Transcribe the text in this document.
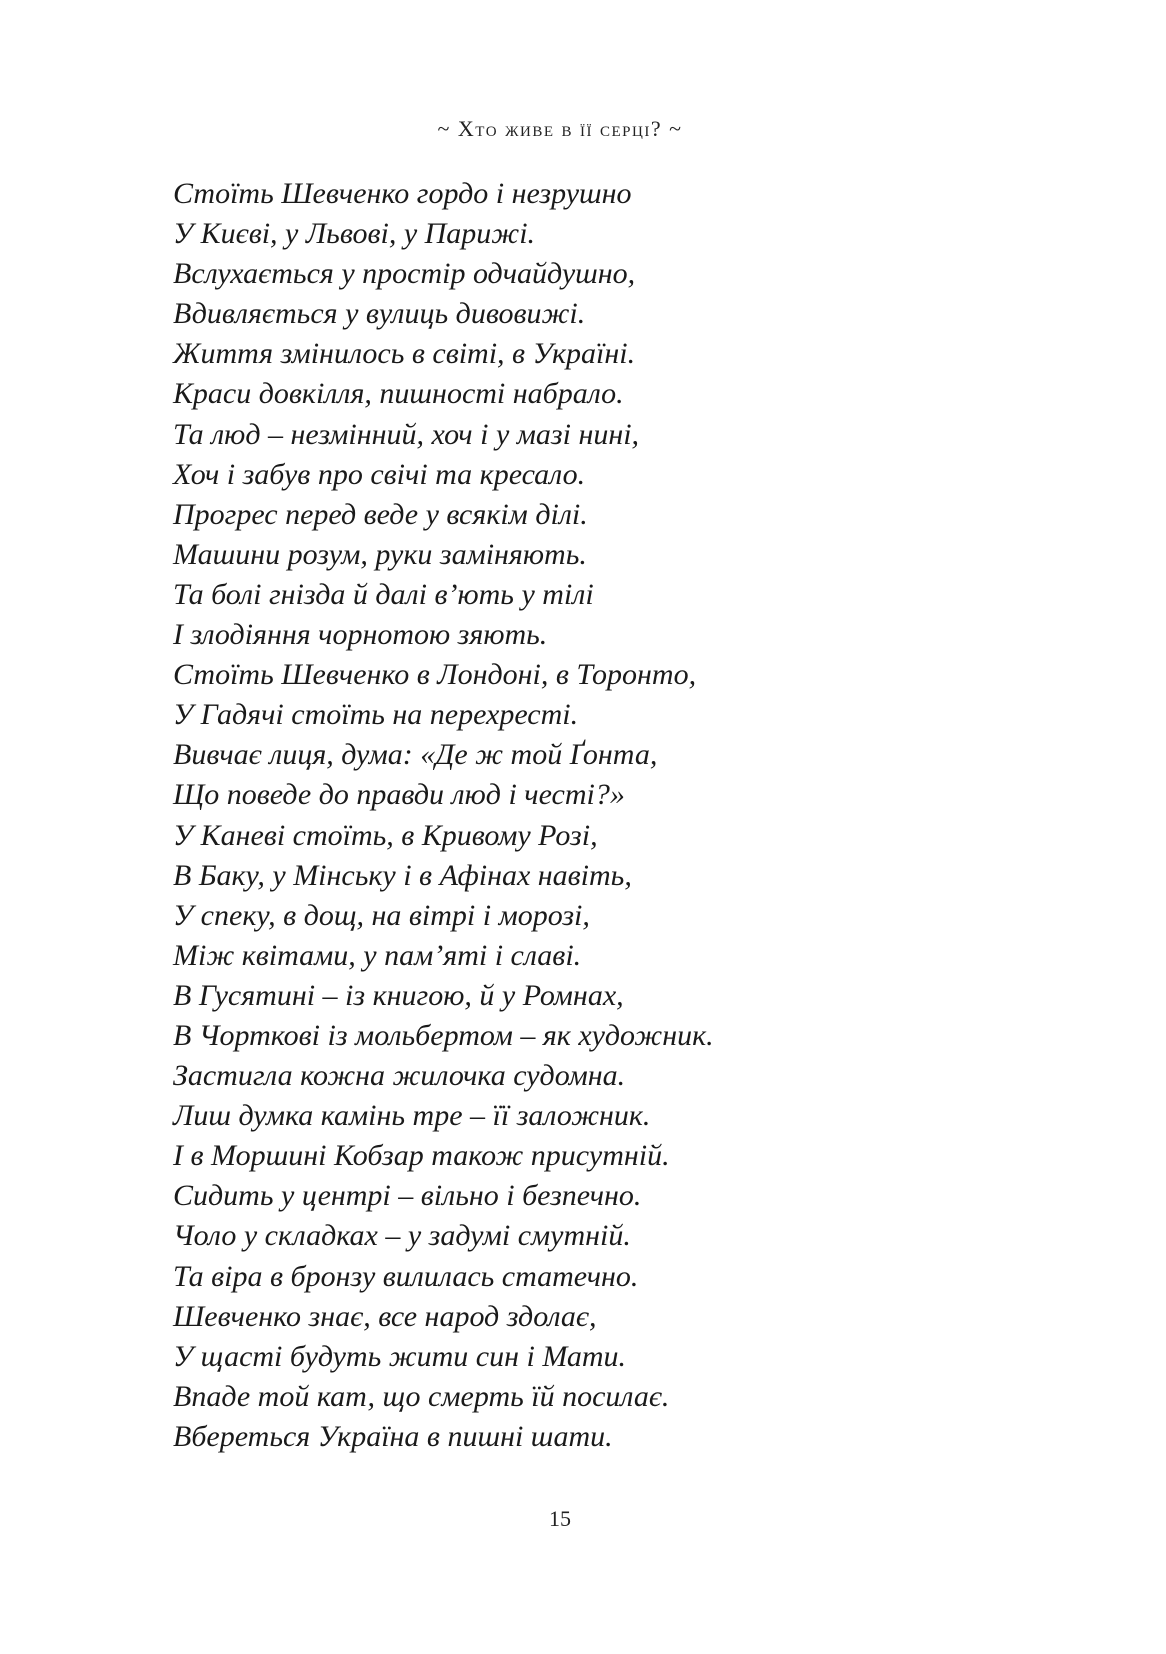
~ Хто живе в її серці? ~
Стоїть Шевченко гордо і незрушно
У Києві, у Львові, у Парижі.
Вслухається у простір одчайдушно,
Вдивляється у вулиць дивовижі.
Життя змінилось в світі, в Україні.
Краси довкілля, пишності набрало.
Та люд – незмінний, хоч і у мазі нині,
Хоч і забув про свічі та кресало.
Прогрес перед веде у всякім ділі.
Машини розум, руки заміняють.
Та болі гнізда й далі в’ють у тілі
І злодіяння чорнотою зяють.
Стоїть Шевченко в Лондоні, в Торонто,
У Гадячі стоїть на перехресті.
Вивчає лиця, дума: «Де ж той Ґонта,
Що поведе до правди люд і честі?»
У Каневі стоїть, в Кривому Розі,
В Баку, у Мінську і в Афінах навіть,
У спеку, в дощ, на вітрі і морозі,
Між квітами, у пам’яті і славі.
В Гусятині – із книгою, й у Ромнах,
В Чорткові із мольбертом – як художник.
Застигла кожна жилочка судомна.
Лиш думка камінь тре – її заложник.
І в Моршині Кобзар також присутній.
Сидить у центрі – вільно і безпечно.
Чоло у складках – у задумі смутній.
Та віра в бронзу вилилась статечно.
Шевченко знає, все народ здолає,
У щасті будуть жити син і Мати.
Впаде той кат, що смерть їй посилає.
Вбереться Україна в пишні шати.
15
